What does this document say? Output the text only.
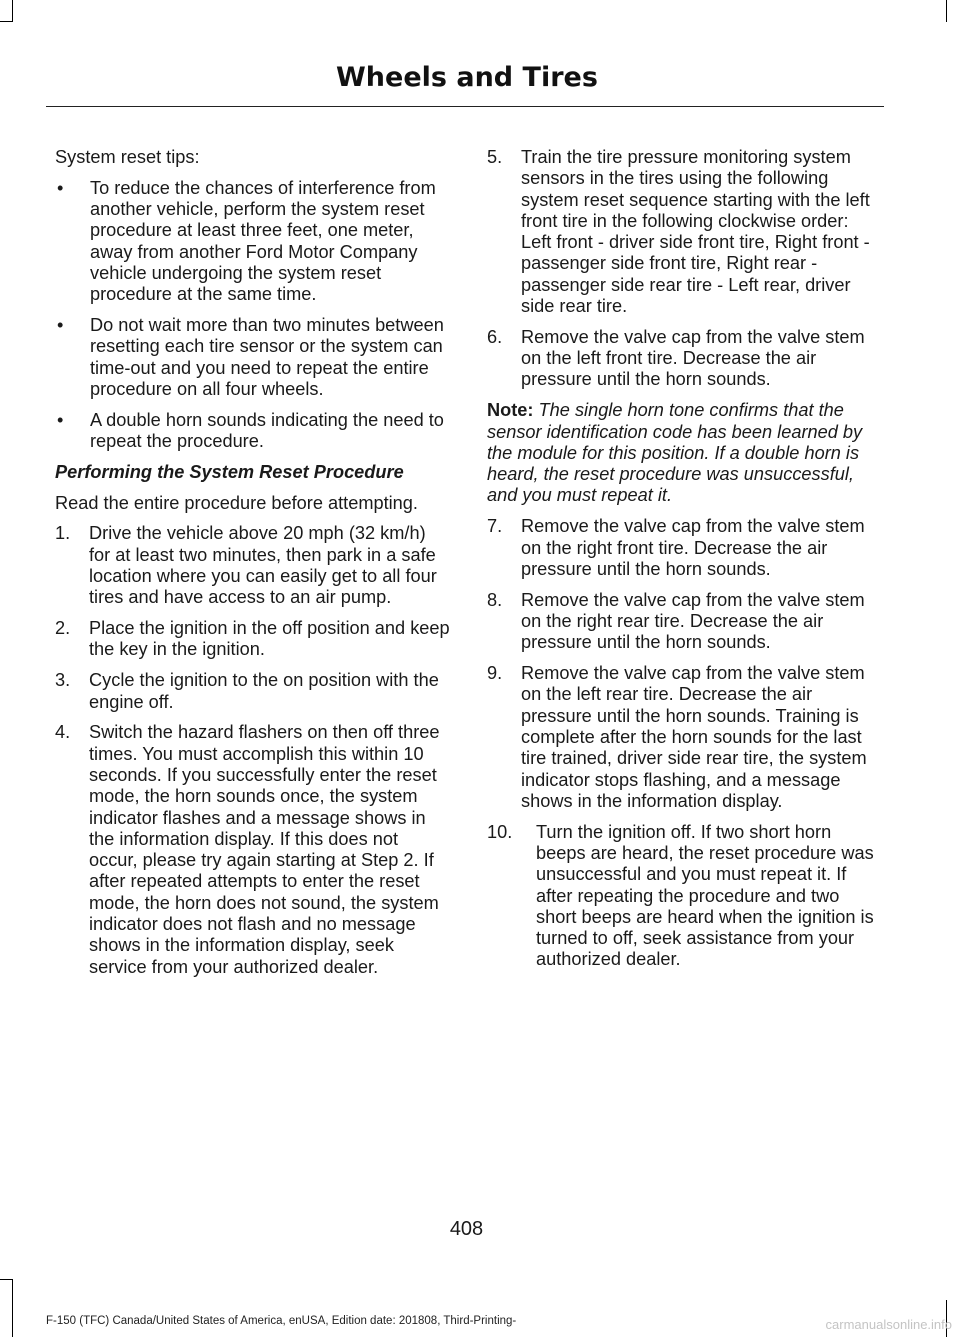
Wheels and Tires

System reset tips:

•	To reduce the chances of interference from another vehicle, perform the system reset procedure at least three feet, one meter, away from another Ford Motor Company vehicle undergoing the system reset procedure at the same time.
•	Do not wait more than two minutes between resetting each tire sensor or the system can time-out and you need to repeat the entire procedure on all four wheels.
•	A double horn sounds indicating the need to repeat the procedure.
Performing the System Reset Procedure

Read the entire procedure before attempting.

1.	Drive the vehicle above 20 mph (32 km/h) for at least two minutes, then park in a safe location where you can easily get to all four tires and have access to an air pump.
2.	Place the ignition in the off position and keep the key in the ignition.
3.	Cycle the ignition to the on position with the engine off.
4.	Switch the hazard flashers on then off three times. You must accomplish this within 10 seconds. If you successfully enter the reset mode, the horn sounds once, the system indicator flashes and a message shows in the information display. If this does not occur, please try again starting at Step 2. If after repeated attempts to enter the reset mode, the horn does not sound, the system indicator does not flash and no message shows in the information display, seek service from your authorized dealer.
5.	Train the tire pressure monitoring system sensors in the tires using the following system reset sequence starting with the left front tire in the following clockwise order: Left front - driver side front tire, Right front - passenger side front tire, Right rear - passenger side rear tire - Left rear, driver side rear tire.
6.	Remove the valve cap from the valve stem on the left front tire. Decrease the air pressure until the horn sounds.

Note: The single horn tone confirms that the sensor identification code has been learned by the module for this position. If a double horn is heard, the reset procedure was unsuccessful, and you must repeat it.

7.	Remove the valve cap from the valve stem on the right front tire. Decrease the air pressure until the horn sounds.
8.	Remove the valve cap from the valve stem on the right rear tire. Decrease the air pressure until the horn sounds.
9.	Remove the valve cap from the valve stem on the left rear tire. Decrease the air pressure until the horn sounds. Training is complete after the horn sounds for the last tire trained, driver side rear tire, the system indicator stops flashing, and a message shows in the information display.
10.	Turn the ignition off. If two short horn beeps are heard, the reset procedure was unsuccessful and you must repeat it. If after repeating the procedure and two short beeps are heard when the ignition is turned to off, seek assistance from your authorized dealer.
408
F-150 (TFC) Canada/United States of America, enUSA, Edition date: 201808, Third-Printing-	carmanualsonline.info
